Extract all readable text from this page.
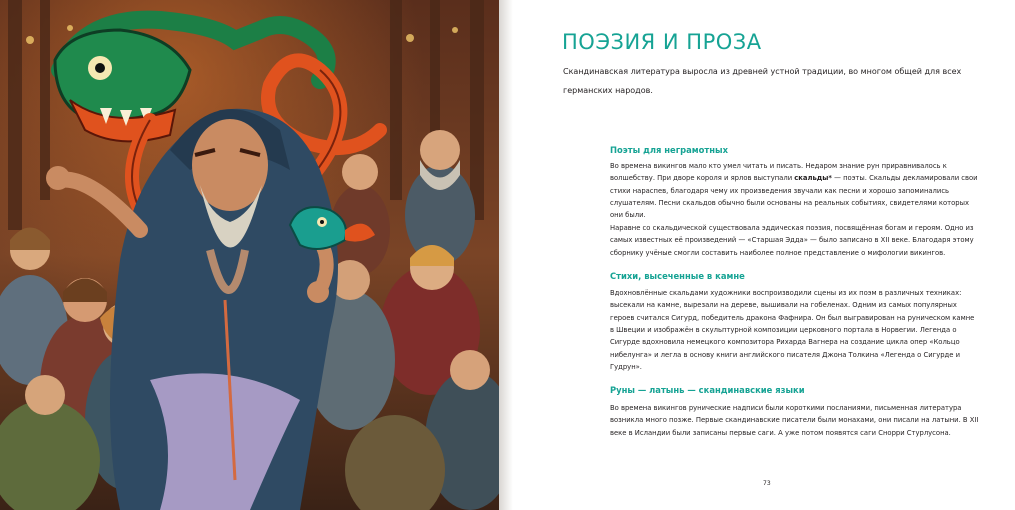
ПОЭЗИЯ И ПРОЗА

Скандинавская литература выросла из древней устной традиции, во многом общей для всех германских народов.

Поэты для неграмотных

Во времена викингов мало кто умел читать и писать. Недаром знание рун приравнивалось к волшебству. При дворе короля и ярлов выступали скальды* — поэты. Скальды декламировали свои стихи нараспев, благодаря чему их произведения звучали как песни и хорошо запоминались слушателям. Песни скальдов обычно были основаны на реальных событиях, свидетелями которых они были.

Наравне со скальдической существовала эддическая поэзия, посвящённая богам и героям. Одно из самых известных её произведений — «Старшая Эдда» — было записано в XII веке. Благодаря этому сборнику учёные смогли составить наиболее полное представление о мифологии викингов.

Стихи, высеченные в камне

Вдохновлённые скальдами художники воспроизводили сцены из их поэм в различных техниках: высекали на камне, вырезали на дереве, вышивали на гобеленах. Одним из самых популярных героев считался Сигурд, победитель дракона Фафнира. Он был выгравирован на руническом камне в Швеции и изображён в скульптурной композиции церковного портала в Норвегии. Легенда о Сигурде вдохновила немецкого композитора Рихарда Вагнера на создание цикла опер «Кольцо нибелунга» и легла в основу книги английского писателя Джона Толкина «Легенда о Сигурде и Гудрун».

Руны — латынь — скандинавские языки

Во времена викингов рунические надписи были короткими посланиями, письменная литература возникла много позже. Первые скандинавские писатели были монахами, они писали на латыни. В XII веке в Исландии были записаны первые саги. А уже потом появятся саги Снорри Стурлусона.

73
